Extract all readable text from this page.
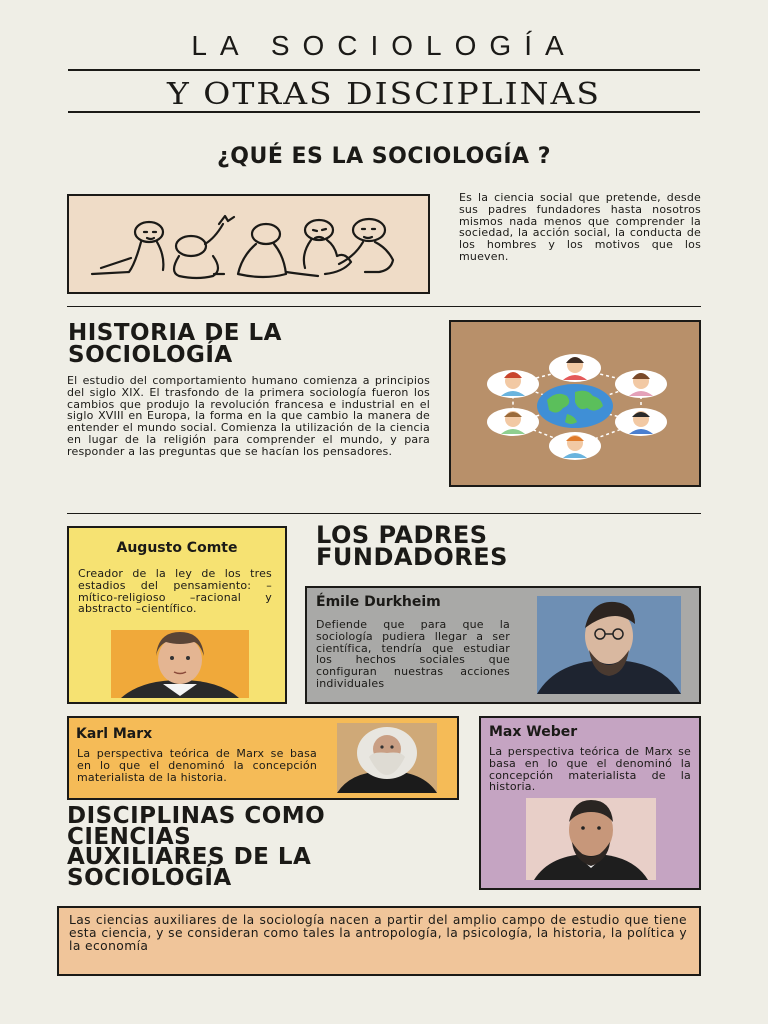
LA SOCIOLOGÍA
Y OTRAS DISCIPLINAS
¿QUÉ ES LA SOCIOLOGÍA ?
Es la ciencia social que pretende, desde sus padres fundadores hasta nosotros mismos nada menos que comprender la sociedad, la acción social, la conducta de los hombres y los motivos que los mueven.
HISTORIA DE LA
SOCIOLOGÍA
El estudio del comportamiento humano comienza a principios del siglo XIX. El trasfondo de la primera sociología fueron los cambios que produjo la revolución francesa e industrial en el siglo XVIII en Europa, la forma en la que cambio la manera de entender el mundo social. Comienza la utilización de la ciencia en lugar de la religión para comprender el mundo, y para responder a las preguntas que se hacían los pensadores.
LOS PADRES
FUNDADORES
Augusto Comte
Creador de la ley de los tres estadios del pensamiento: –mítico-religioso –racional y abstracto –científico.	Émile Durkheim
Defiende que para que la sociología pudiera llegar a ser científica, tendría que estudiar los hechos sociales que configuran nuestras acciones individuales
Karl Marx
La perspectiva teórica de Marx se basa en lo que el denominó la concepción materialista de la historia.
Max Weber
La perspectiva teórica de Marx se basa en lo que el denominó la concepción materialista de la historia.
DISCIPLINAS COMO
CIENCIAS
AUXILIARES DE LA
SOCIOLOGÍA
Las ciencias auxiliares de la sociología nacen a partir del amplio campo de estudio que tiene esta ciencia, y se consideran como tales la antropología, la psicología, la historia, la política y la economía
